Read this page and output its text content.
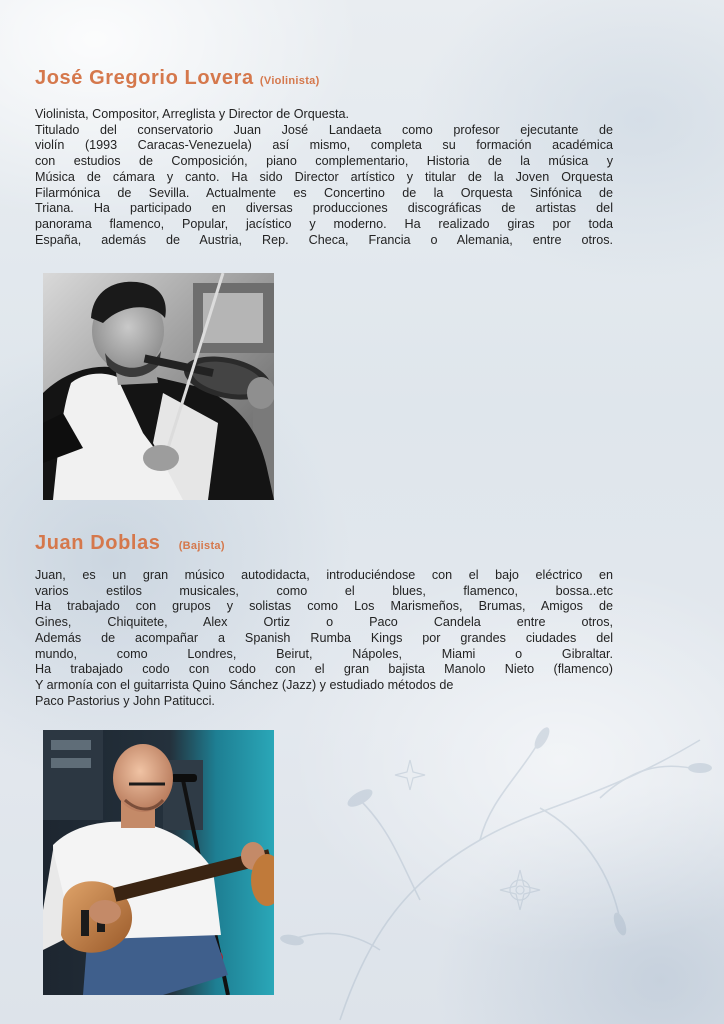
José Gregorio Lovera (Violinista)

Violinista, Compositor, Arreglista y Director de Orquesta.
Titulado del conservatorio Juan José Landaeta como profesor ejecutante de
violín (1993 Caracas-Venezuela) así mismo, completa su formación académica
con estudios de Composición, piano complementario, Historia de la música y
Música de cámara y canto. Ha sido Director artístico y titular de la Joven Orquesta
Filarmónica de Sevilla. Actualmente es Concertino de la Orquesta Sinfónica de
Triana. Ha participado en diversas producciones discográficas de artistas del
panorama flamenco, Popular, jacístico y moderno. Ha realizado giras por toda
España, además de Austria, Rep. Checa, Francia o Alemania, entre otros.

Juan Doblas (Bajista)

Juan, es un gran músico autodidacta, introduciéndose con el bajo eléctrico en
varios estilos musicales, como el blues, flamenco, bossa..etc
Ha trabajado con grupos y solistas como Los Marismeños, Brumas, Amigos de
Gines, Chiquitete, Alex Ortiz o Paco Candela entre otros,
Además de acompañar a Spanish Rumba Kings por grandes ciudades del
mundo, como Londres, Beirut, Nápoles, Miami o Gibraltar.
Ha trabajado codo con codo con el gran bajista Manolo Nieto (flamenco)
Y armonía con el guitarrista Quino Sánchez (Jazz) y estudiado métodos de
Paco Pastorius y John Patitucci.
